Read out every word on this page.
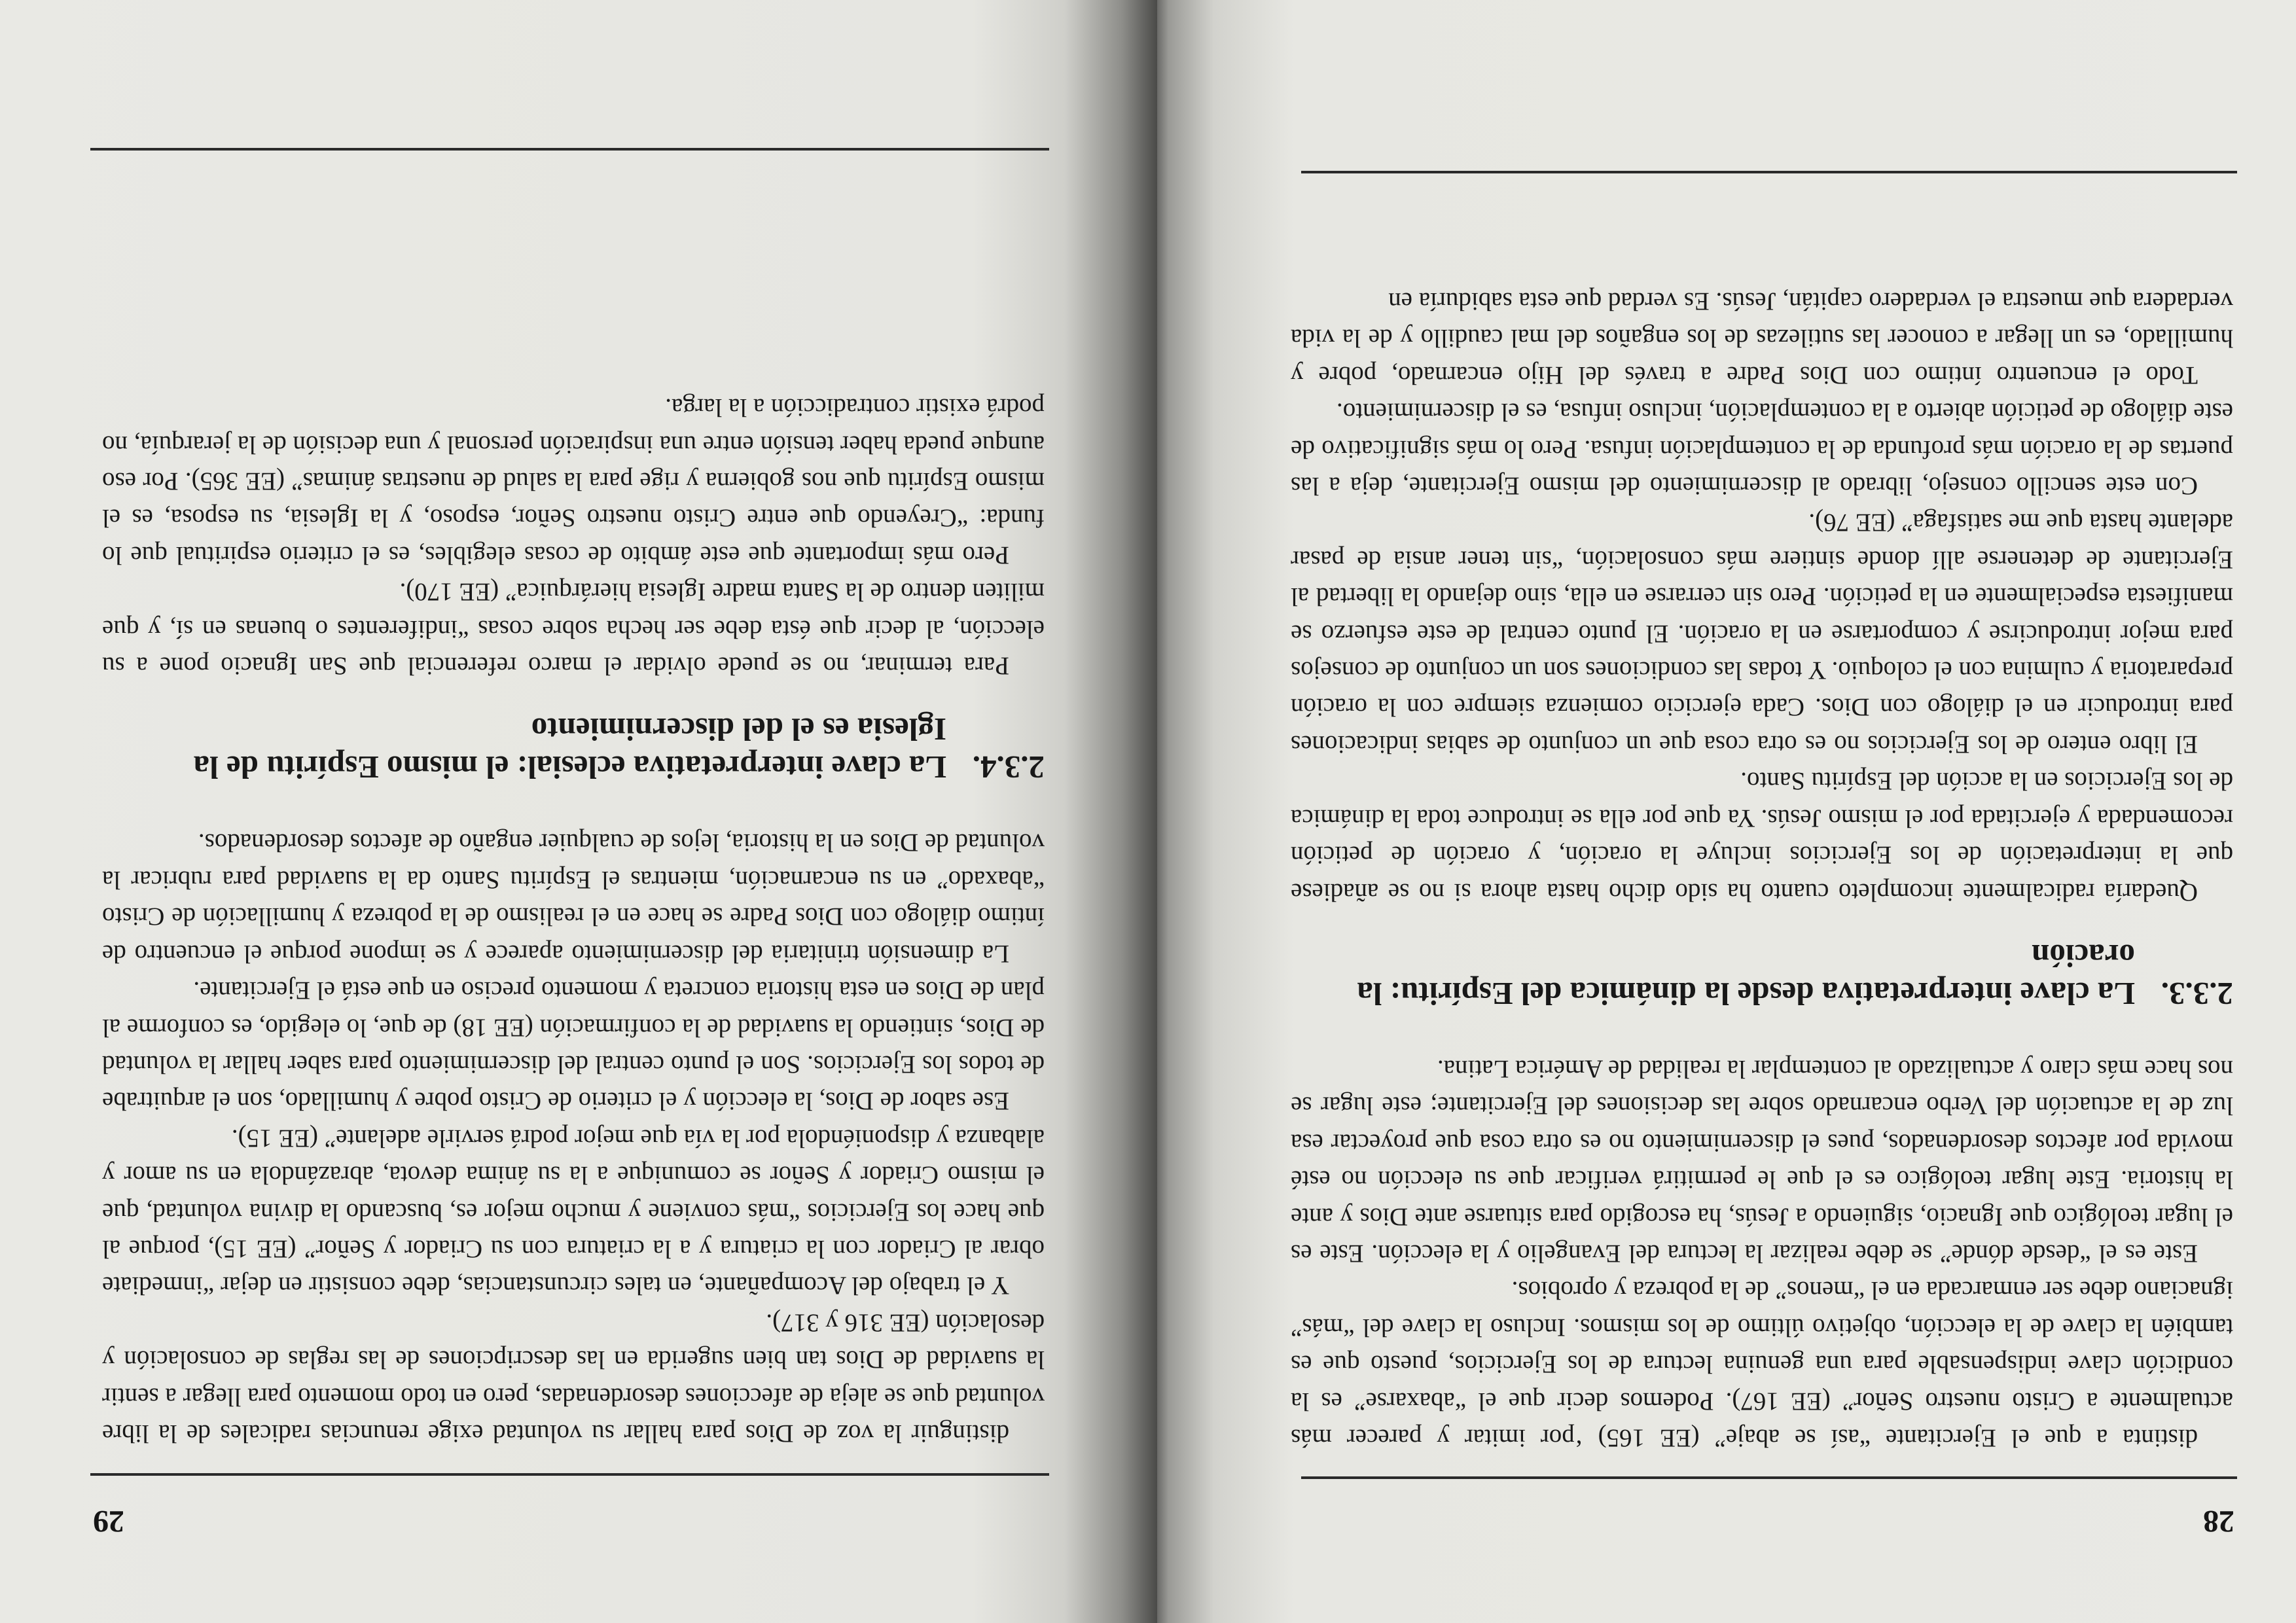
28

distinta a que el Ejercitante “así se abaje” (EE 165) ‘por imitar y parecer más actualmente a Cristo nuestro Señor” (EE 167). Podemos decir que el “abaxarse” es la condición clave indispensable para una genuina lectura de los Ejercicios, puesto que es también la clave de la elección, objetivo último de los mismos. Incluso la clave del “más” ignaciano debe ser enmarcada en el “menos” de la pobreza y oprobios.

Este es el “desde dónde” se debe realizar la lectura del Evangelio y la elección. Este es el lugar teológico que Ignacio, siguiendo a Jesús, ha escogido para situarse ante Dios y ante la historia. Este lugar teológico es el que le permitirá verificar que su elección no esté movida por afectos desordenados, pues el discernimiento no es otra cosa que proyectar esa luz de la actuación del Verbo encarnado sobre las decisiones del Ejercitante; este lugar se nos hace más claro y actualizado al contemplar la realidad de América Latina.

2.3.3.La clave interpretativa desde la dinámica del Espíritu: la oración

Quedaría radicalmente incompleto cuanto ha sido dicho hasta ahora si no se añadiese que la interpretación de los Ejercicios incluye la oración, y oración de petición recomendada y ejercitada por el mismo Jesús. Ya que por ella se introduce toda la dinámica de los Ejercicios en la acción del Espíritu Santo.

El libro entero de los Ejercicios no es otra cosa que un conjunto de sabias indicaciones para introducir en el diálogo con Dios. Cada ejercicio comienza siempre con la oración preparatoria y culmina con el coloquio. Y todas las condiciones son un conjunto de consejos para mejor introducirse y comportarse en la oración. El punto central de este esfuerzo se manifiesta especialmente en la petición. Pero sin cerrarse en ella, sino dejando la libertad al Ejercitante de detenerse allí donde sintiere más consolación, “sin tener ansia de pasar adelante hasta que me satisfaga” (EE 76).

Con este sencillo consejo, librado al discernimiento del mismo Ejercitante, deja a las puertas de la oración más profunda de la contemplación infusa. Pero lo más significativo de este diálogo de petición abierto a la contemplación, incluso infusa, es el discernimiento.

Todo el encuentro íntimo con Dios Padre a través del Hijo encarnado, pobre y humillado, es un llegar a conocer las sutilezas de los engaños del mal caudillo y de la vida verdadera que muestra el verdadero capitán, Jesús. Es verdad que esta sabiduría en

29

distinguir la voz de Dios para hallar su voluntad exige renuncias radicales de la libre voluntad que se aleja de afecciones desordenadas, pero en todo momento para llegar a sentir la suavidad de Dios tan bien sugerida en las descripciones de las reglas de consolación y desolación (EE 316 y 317).

Y el trabajo del Acompañante, en tales circunstancias, debe consistir en dejar “inmediate obrar al Criador con la criatura y a la criatura con su Criador y Señor” (EE 15), porque al que hace los Ejercicios “más conviene y mucho mejor es, buscando la divina voluntad, que el mismo Criador y Señor se comunique a la su ánima devota, abrazándola en su amor y alabanza y disponiéndola por la vía que mejor podrá servirle adelante” (EE 15).

Ese sabor de Dios, la elección y el criterio de Cristo pobre y humillado, son el arquitrabe de todos los Ejercicios. Son el punto central del discernimiento para saber hallar la voluntad de Dios, sintiendo la suavidad de la confirmación (EE 18) de que, lo elegido, es conforme al plan de Dios en esta historia concreta y momento preciso en que está el Ejercitante.

La dimensión trinitaria del discernimiento aparece y se impone porque el encuentro de íntimo diálogo con Dios Padre se hace en el realismo de la pobreza y humillación de Cristo “abaxado” en su encarnación, mientras el Espíritu Santo da la suavidad para rubricar la voluntad de Dios en la historia, lejos de cualquier engaño de afectos desordenados.

2.3.4.La clave interpretativa eclesial: el mismo Espíritu de la Iglesia es el del discernimiento

Para terminar, no se puede olvidar el marco referencial que San Ignacio pone a su elección, al decir que ésta debe ser hecha sobre cosas “indiferentes o buenas en sí, y que militen dentro de la Santa madre Iglesia hierárquica” (EE 170).

Pero más importante que este ámbito de cosas elegibles, es el criterio espiritual que lo funda: “Creyendo que entre Cristo nuestro Señor, esposo, y la Iglesia, su esposa, es el mismo Espíritu que nos gobierna y rige para la salud de nuestras ánimas” (EE 365). Por eso aunque pueda haber tensión entre una inspiración personal y una decisión de la jerarquía, no podrá existir contradicción a la larga.
